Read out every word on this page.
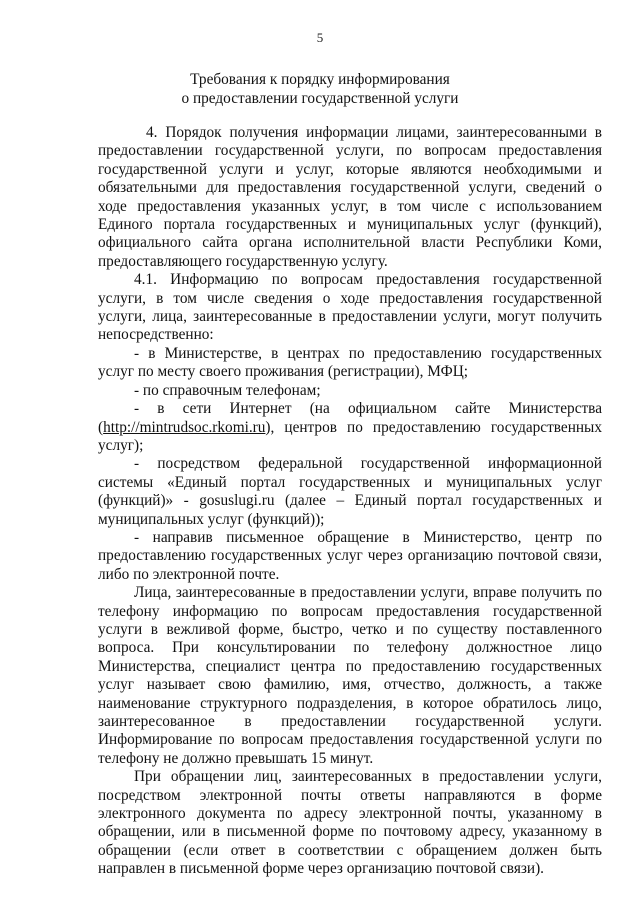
5
Требования к порядку информирования
о предоставлении государственной услуги

4. Порядок получения информации лицами, заинтересованными в предоставлении государственной услуги, по вопросам предоставления государственной услуги и услуг, которые являются необходимыми и обязательными для предоставления государственной услуги, сведений о ходе предоставления указанных услуг, в том числе с использованием Единого портала государственных и муниципальных услуг (функций), официального сайта органа исполнительной власти Республики Коми, предоставляющего государственную услугу.

4.1. Информацию по вопросам предоставления государственной услуги, в том числе сведения о ходе предоставления государственной услуги, лица, заинтересованные в предоставлении услуги, могут получить непосредственно:

- в Министерстве, в центрах по предоставлению государственных услуг по месту своего проживания (регистрации), МФЦ;

- по справочным телефонам;

- в сети Интернет (на официальном сайте Министерства (http://mintrudsoc.rkomi.ru), центров по предоставлению государственных услуг);

- посредством федеральной государственной информационной системы «Единый портал государственных и муниципальных услуг (функций)» - gosuslugi.ru (далее – Единый портал государственных и муниципальных услуг (функций));

- направив письменное обращение в Министерство, центр по предоставлению государственных услуг через организацию почтовой связи, либо по электронной почте.

Лица, заинтересованные в предоставлении услуги, вправе получить по телефону информацию по вопросам предоставления государственной услуги в вежливой форме, быстро, четко и по существу поставленного вопроса. При консультировании по телефону должностное лицо Министерства, специалист центра по предоставлению государственных услуг называет свою фамилию, имя, отчество, должность, а также наименование структурного подразделения, в которое обратилось лицо, заинтересованное в предоставлении государственной услуги. Информирование по вопросам предоставления государственной услуги по телефону не должно превышать 15 минут.

При обращении лиц, заинтересованных в предоставлении услуги, посредством электронной почты ответы направляются в форме электронного документа по адресу электронной почты, указанному в обращении, или в письменной форме по почтовому адресу, указанному в обращении (если ответ в соответствии с обращением должен быть направлен в письменной форме через организацию почтовой связи).
